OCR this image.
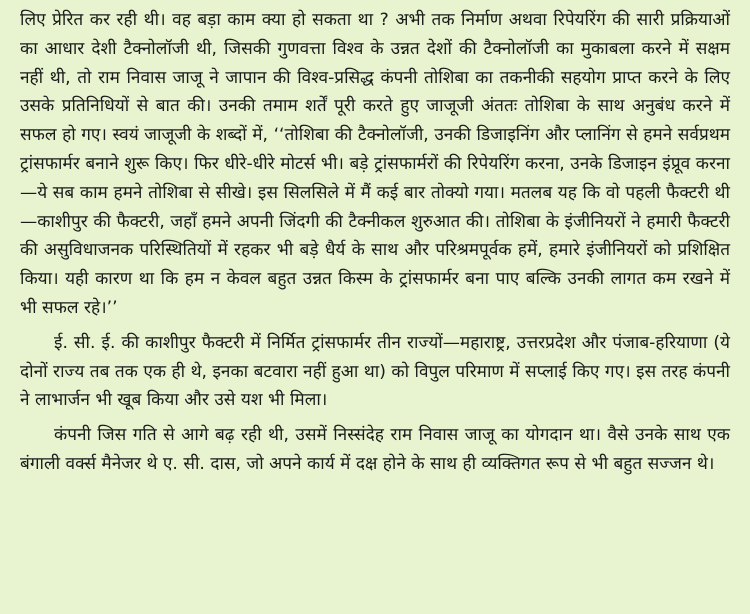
लिए प्रेरित कर रही थी। वह बड़ा काम क्या हो सकता था ? अभी तक निर्माण अथवा रिपेयरिंग की सारी प्रक्रियाओं का आधार देशी टैक्नोलॉजी थी, जिसकी गुणवत्ता विश्व के उन्नत देशों की टैक्नोलॉजी का मुकाबला करने में सक्षम नहीं थी, तो राम निवास जाजू ने जापान की विश्व-प्रसिद्ध कंपनी तोशिबा का तकनीकी सहयोग प्राप्त करने के लिए उसके प्रतिनिधियों से बात की। उनकी तमाम शर्तें पूरी करते हुए जाजूजी अंततः तोशिबा के साथ अनुबंध करने में सफल हो गए। स्वयं जाजूजी के शब्दों में, ‘‘तोशिबा की टैक्नोलॉजी, उनकी डिजाइनिंग और प्लानिंग से हमने सर्वप्रथम ट्रांसफार्मर बनाने शुरू किए। फिर धीरे-धीरे मोटर्स भी। बड़े ट्रांसफार्मरों की रिपेयरिंग करना, उनके डिजाइन इंप्रूव करना—ये सब काम हमने तोशिबा से सीखे। इस सिलसिले में मैं कई बार तोक्यो गया। मतलब यह कि वो पहली फैक्टरी थी—काशीपुर की फैक्टरी, जहाँ हमने अपनी जिंदगी की टैक्नीकल शुरुआत की। तोशिबा के इंजीनियरों ने हमारी फैक्टरी की असुविधाजनक परिस्थितियों में रहकर भी बड़े धैर्य के साथ और परिश्रमपूर्वक हमें, हमारे इंजीनियरों को प्रशिक्षित किया। यही कारण था कि हम न केवल बहुत उन्नत किस्म के ट्रांसफार्मर बना पाए बल्कि उनकी लागत कम रखने में भी सफल रहे।’’

ई. सी. ई. की काशीपुर फैक्टरी में निर्मित ट्रांसफार्मर तीन राज्यों—महाराष्ट्र, उत्तरप्रदेश और पंजाब-हरियाणा (ये दोनों राज्य तब तक एक ही थे, इनका बटवारा नहीं हुआ था) को विपुल परिमाण में सप्लाई किए गए। इस तरह कंपनी ने लाभार्जन भी खूब किया और उसे यश भी मिला।

कंपनी जिस गति से आगे बढ़ रही थी, उसमें निस्संदेह राम निवास जाजू का योगदान था। वैसे उनके साथ एक बंगाली वर्क्स मैनेजर थे ए. सी. दास, जो अपने कार्य में दक्ष होने के साथ ही व्यक्तिगत रूप से भी बहुत सज्जन थे।
